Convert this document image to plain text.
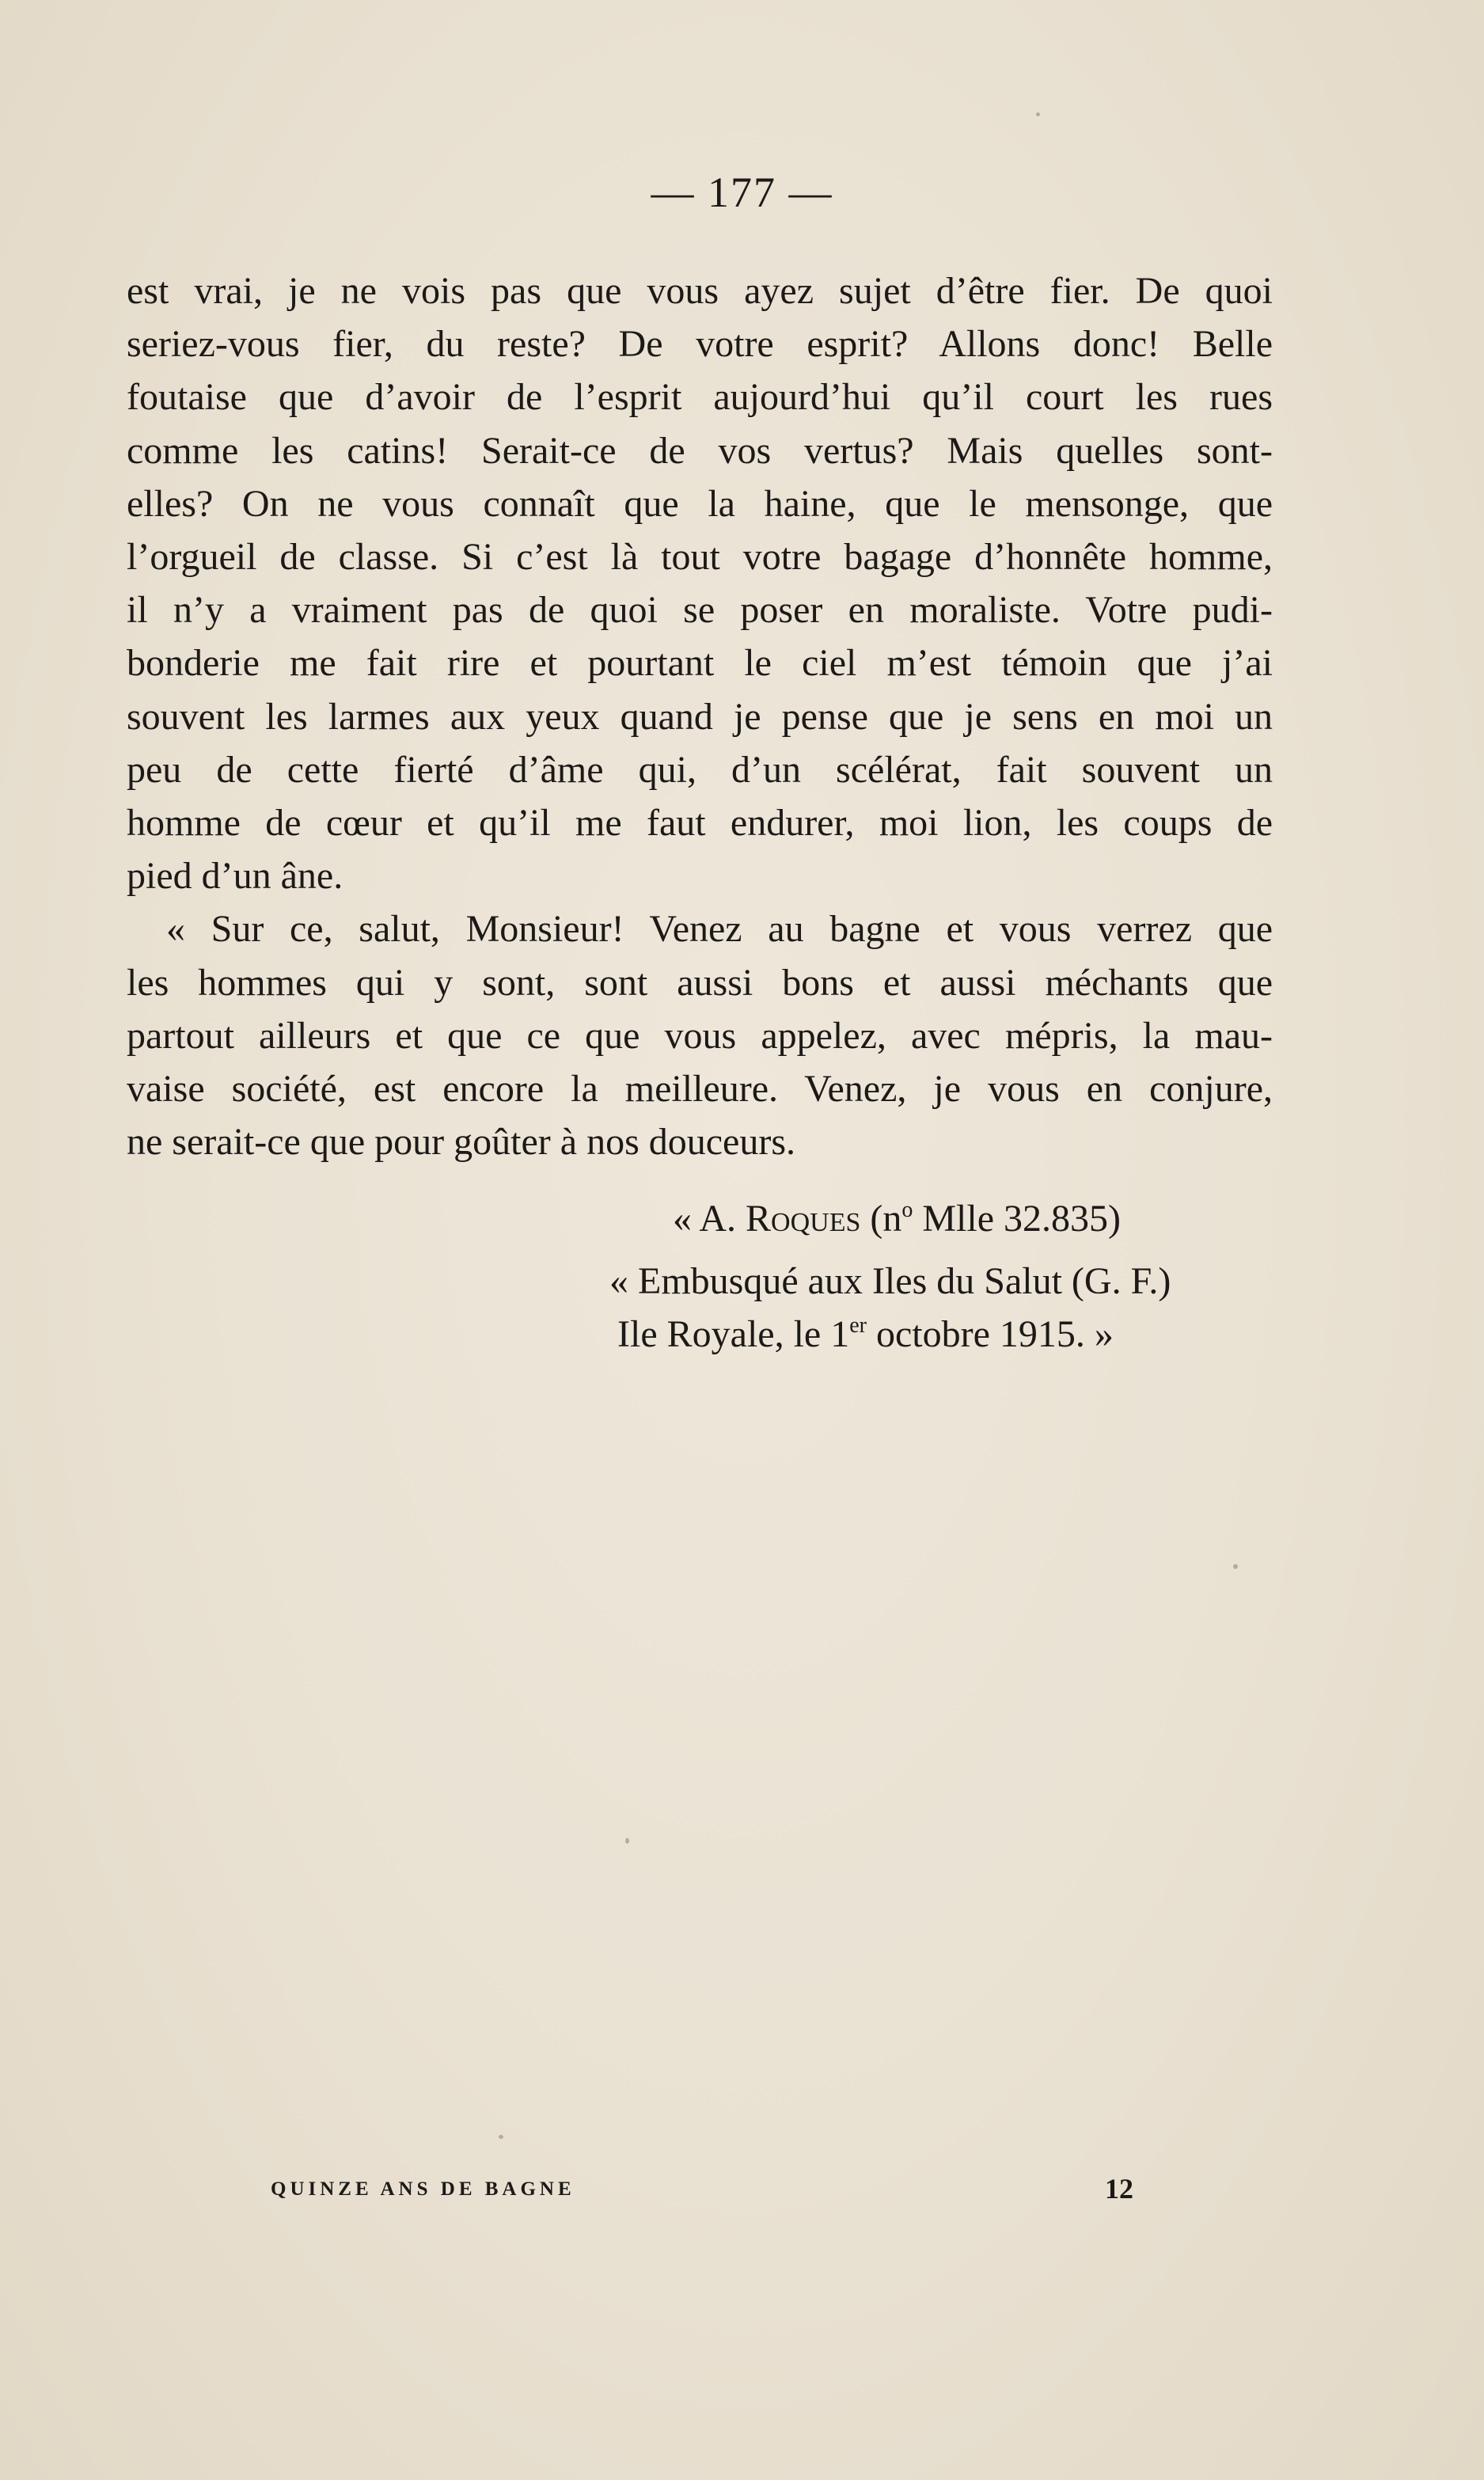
— 177 —
est vrai, je ne vois pas que vous ayez sujet d’être fier. De quoi
seriez-vous fier, du reste? De votre esprit? Allons donc! Belle
foutaise que d’avoir de l’esprit aujourd’hui qu’il court les rues
comme les catins! Serait-ce de vos vertus? Mais quelles sont-
elles? On ne vous connaît que la haine, que le mensonge, que
l’orgueil de classe. Si c’est là tout votre bagage d’honnête homme,
il n’y a vraiment pas de quoi se poser en moraliste. Votre pudi-
bonderie me fait rire et pourtant le ciel m’est témoin que j’ai
souvent les larmes aux yeux quand je pense que je sens en moi un
peu de cette fierté d’âme qui, d’un scélérat, fait souvent un
homme de cœur et qu’il me faut endurer, moi lion, les coups de
pied d’un âne.
« Sur ce, salut, Monsieur! Venez au bagne et vous verrez que
les hommes qui y sont, sont aussi bons et aussi méchants que
partout ailleurs et que ce que vous appelez, avec mépris, la mau-
vaise société, est encore la meilleure. Venez, je vous en conjure,
ne serait-ce que pour goûter à nos douceurs.
« A. Roques ($n^o$ Mlle 32.835)
« Embusqué aux Iles du Salut (G. F.)
Ile Royale, le 1er octobre 1915. »
QUINZE ANS DE BAGNE	12
